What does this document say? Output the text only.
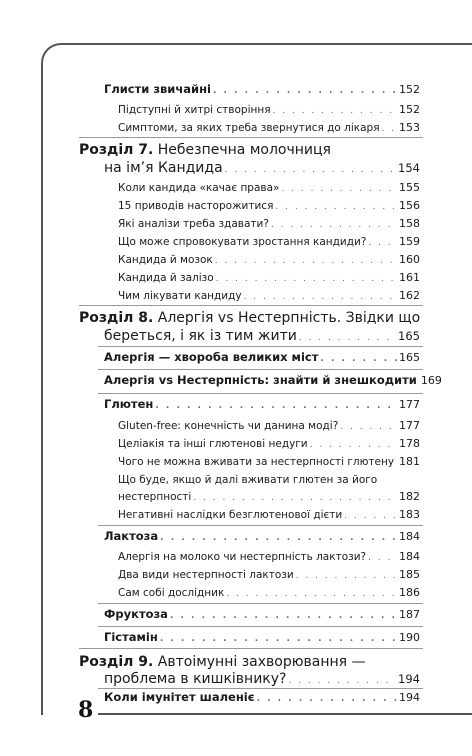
8
Глисти звичайні . . .	152
Підступні й хитрі створіння . . .	152
Симптоми, за яких треба звернутися до лікаря . . . 153
Розділ 7. Небезпечна молочниця
на ім’я Кандида . . .	154
Коли кандида «качає права» . . .	155
15 приводів насторожитися . . .	156
Які аналізи треба здавати? . . .	158
Що може спровокувати зростання кандиди? . . .	159
Кандида й мозок . . .	160
Кандида й залізо . . .	161
Чим лікувати кандиду . . .	162
Розділ 8. Алергія vs Нестерпність. Звідки що
береться, і як із тим жити . . .	165
Алергія — хвороба великих міст . . .	165
Алергія vs Нестерпність: знайти й знешкодити 169
Глютен . . .	177
Gluten-free: конечність чи данина моді? . . .	177
Целіакія та інші глютенові недуги . . .	178
Чого не можна вживати за нестерпності глютену . . . 181
Що буде, якщо й далі вживати глютен за його
нестерпності . . .	182
Негативні наслідки безглютенової дієти . . .	183
Лактоза . . .	184
Алергія на молоко чи нестерпність лактози? . . .	184
Два види нестерпності лактози . . .	185
Сам собі дослідник . . .	186
Фруктоза . . .	187
Гістамін . . .	190
Розділ 9. Автоімунні захворювання —
проблема в кишківнику? . . .	194
Коли імунітет шаленіє . . .	194
